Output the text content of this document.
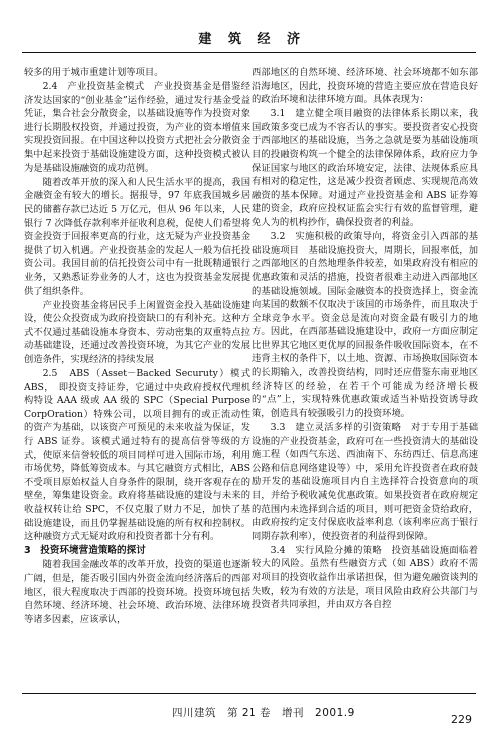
建 筑 经 济

较多的用于城市重建计划等项目。

2.4　产业投资基金模式　产业投资基金是借鉴经济发达国家的“创业基金”运作经验，通过发行基金受益凭证，集合社会分散资金，以基础设施等作为投资对象进行长期股权投资，并通过投资，为产业的资本增值来实现投资回报。在中国这种以投资方式把社会分散资金集中起来投资于基础设施建设方面，这种投资模式被认为是基础设施融资的成功范例。

随着改革开放的深入和人民生活水平的提高，我国金融资金有较大的增长。据报导，97 年底我国城乡居民的储蓄存款已达近 5 万亿元，但从 96 年以来，人民银行 7 次降低存款利率并征收利息税，促使人们希望将资金投资于回报率更高的行业，这无疑为产业投资基金提供了切入机遇。产业投资基金的发起人一般为信托投资公司。我国目前的信托投资公司中有一批既精通银行业务，又熟悉证券业务的人才，这也为投资基金发展提供了组织条件。

产业投资基金将居民手上闲置资金投入基础设施建设，使公众投资成为政府投资缺口的有利补充。这种方式不仅通过基础设施本身资本、劳动密集的双重特点拉动基础建设，还通过改善投资环境，为其它产业的发展创造条件，实现经济的持续发展

2.5　ABS（Asset－Backed Securuty）模式　ABS，　即投资支持证券，它通过中央政府授权代理机构特设 AAA 级或 AA 级的 SPC（Special Purpose CorpOration）特殊公司，以项目拥有的或正流动性的资产为基础，以该资产可预见的未来收益为保证，发行 ABS 证券。该模式通过特有的提高信誉等级的方式，使原来信誉较低的项目同样可进入国际市场，利用市场优势，降低筹资成本。与其它融资方式相比，ABS 不受项目原始权益人自身条件的限制，绕开客观存在的壁垒，筹集建设资金。政府将基础设施的建设与未来的收益权转让给 SPC，不仅克服了财力不足，加快了基础设施建设，而且仍掌握基础设施的所有权和控制权。这种融资方式无疑对政府和投资者都十分有利。

3　投资环境营造策略的探讨

随着我国金融改革的改革开放，投资的渠道也逐渐广阔，但是，能否吸引国内外资金流向经济落后的西部地区，很大程度取决于西部的投资环境。投资环境包括自然环境、经济环境、社会环境、政治环境、法律环境等诸多因素，应该承认，

西部地区的自然环境、经济环境、社会环境都不如东部沿海地区，因此，投资环境的营造主要应放在营造良好的政治环境和法律环境方面。具体表现为：

3.1　建立健全项目融资的法律体系长期以来，我国政策多变已成为不容否认的事实。要投资者安心投资于西部地区的基础设施，当务之急就是要为基础设施项目的投融资构筑一个健全的法律保障体系，政府应力争保证国家与地区的政治环境安定，法律、法规体系应具有相对的稳定性，这是减少投资者顾虑、实现规范高效融资的基本保障。对通过产业投资基金和 ABS 证券筹建的资金，政府应投权证监会实行有效的监督管理，避免人为的机构抄作，确保投资者的利益。

3.2　实施积极的政策导向，将资金引入西部的基础设施项目　基础设施投资大，周期长，回报率低，加之西部地区的自然地理条件较差，如果政府没有相应的优惠政策和灵活的措施，投资者很难主动进入西部地区的基础设施领域。国际金融资本的投资选择上，资金流向某国的数额不仅取决于该国的市场条件，而且取决于全球竞争水平。资金总是流向对资金最有吸引力的地方。因此，在西部基础设施建设中，政府一方面应制定比世界其它地区更优厚的回报条件吸收国际资本，在不违背主权的条件下，以土地、资源、市场换取国际资本的长期输入，改善投资结构，同时还应借鉴东南亚地区经济特区的经验，在若干个可能成为经济增长极的“点”上，实现特殊优惠政策或适当补贴投资诱导政策，创造具有较强吸引力的投资环境。

3.3　建立灵活多样的引资策略　对于专用于基础设施的产业投资基金，政府可在一些投资清大的基础设施工程（如西气东送、西油南下、东纺西迁、信息高速公路和信息网络建设等）中，采用允许投资者在政府鼓励开发的基础设施项目内自主选择符合投资意向的项目，并给予税收减免优惠政策。如果投资者在政府规定的范围内未选择到合适的项目，则可把资金贷给政府，由政府按约定支付保底收益率利息（该利率应高于银行同期存款利率），使投资者的利益得到保障。

3.4　实行风险分摊的策略　投资基础设施面临着较大的风险。虽然有些融资方式（如 ABS）政府不需对项目的投资收益作出承诺担保，但为避免融资谈判的失败，较为有效的方法是，项目风险由政府公共部门与投资者共同承担，并由双方各自控

四川建筑　第 21 卷　增刊　2001.9	229
